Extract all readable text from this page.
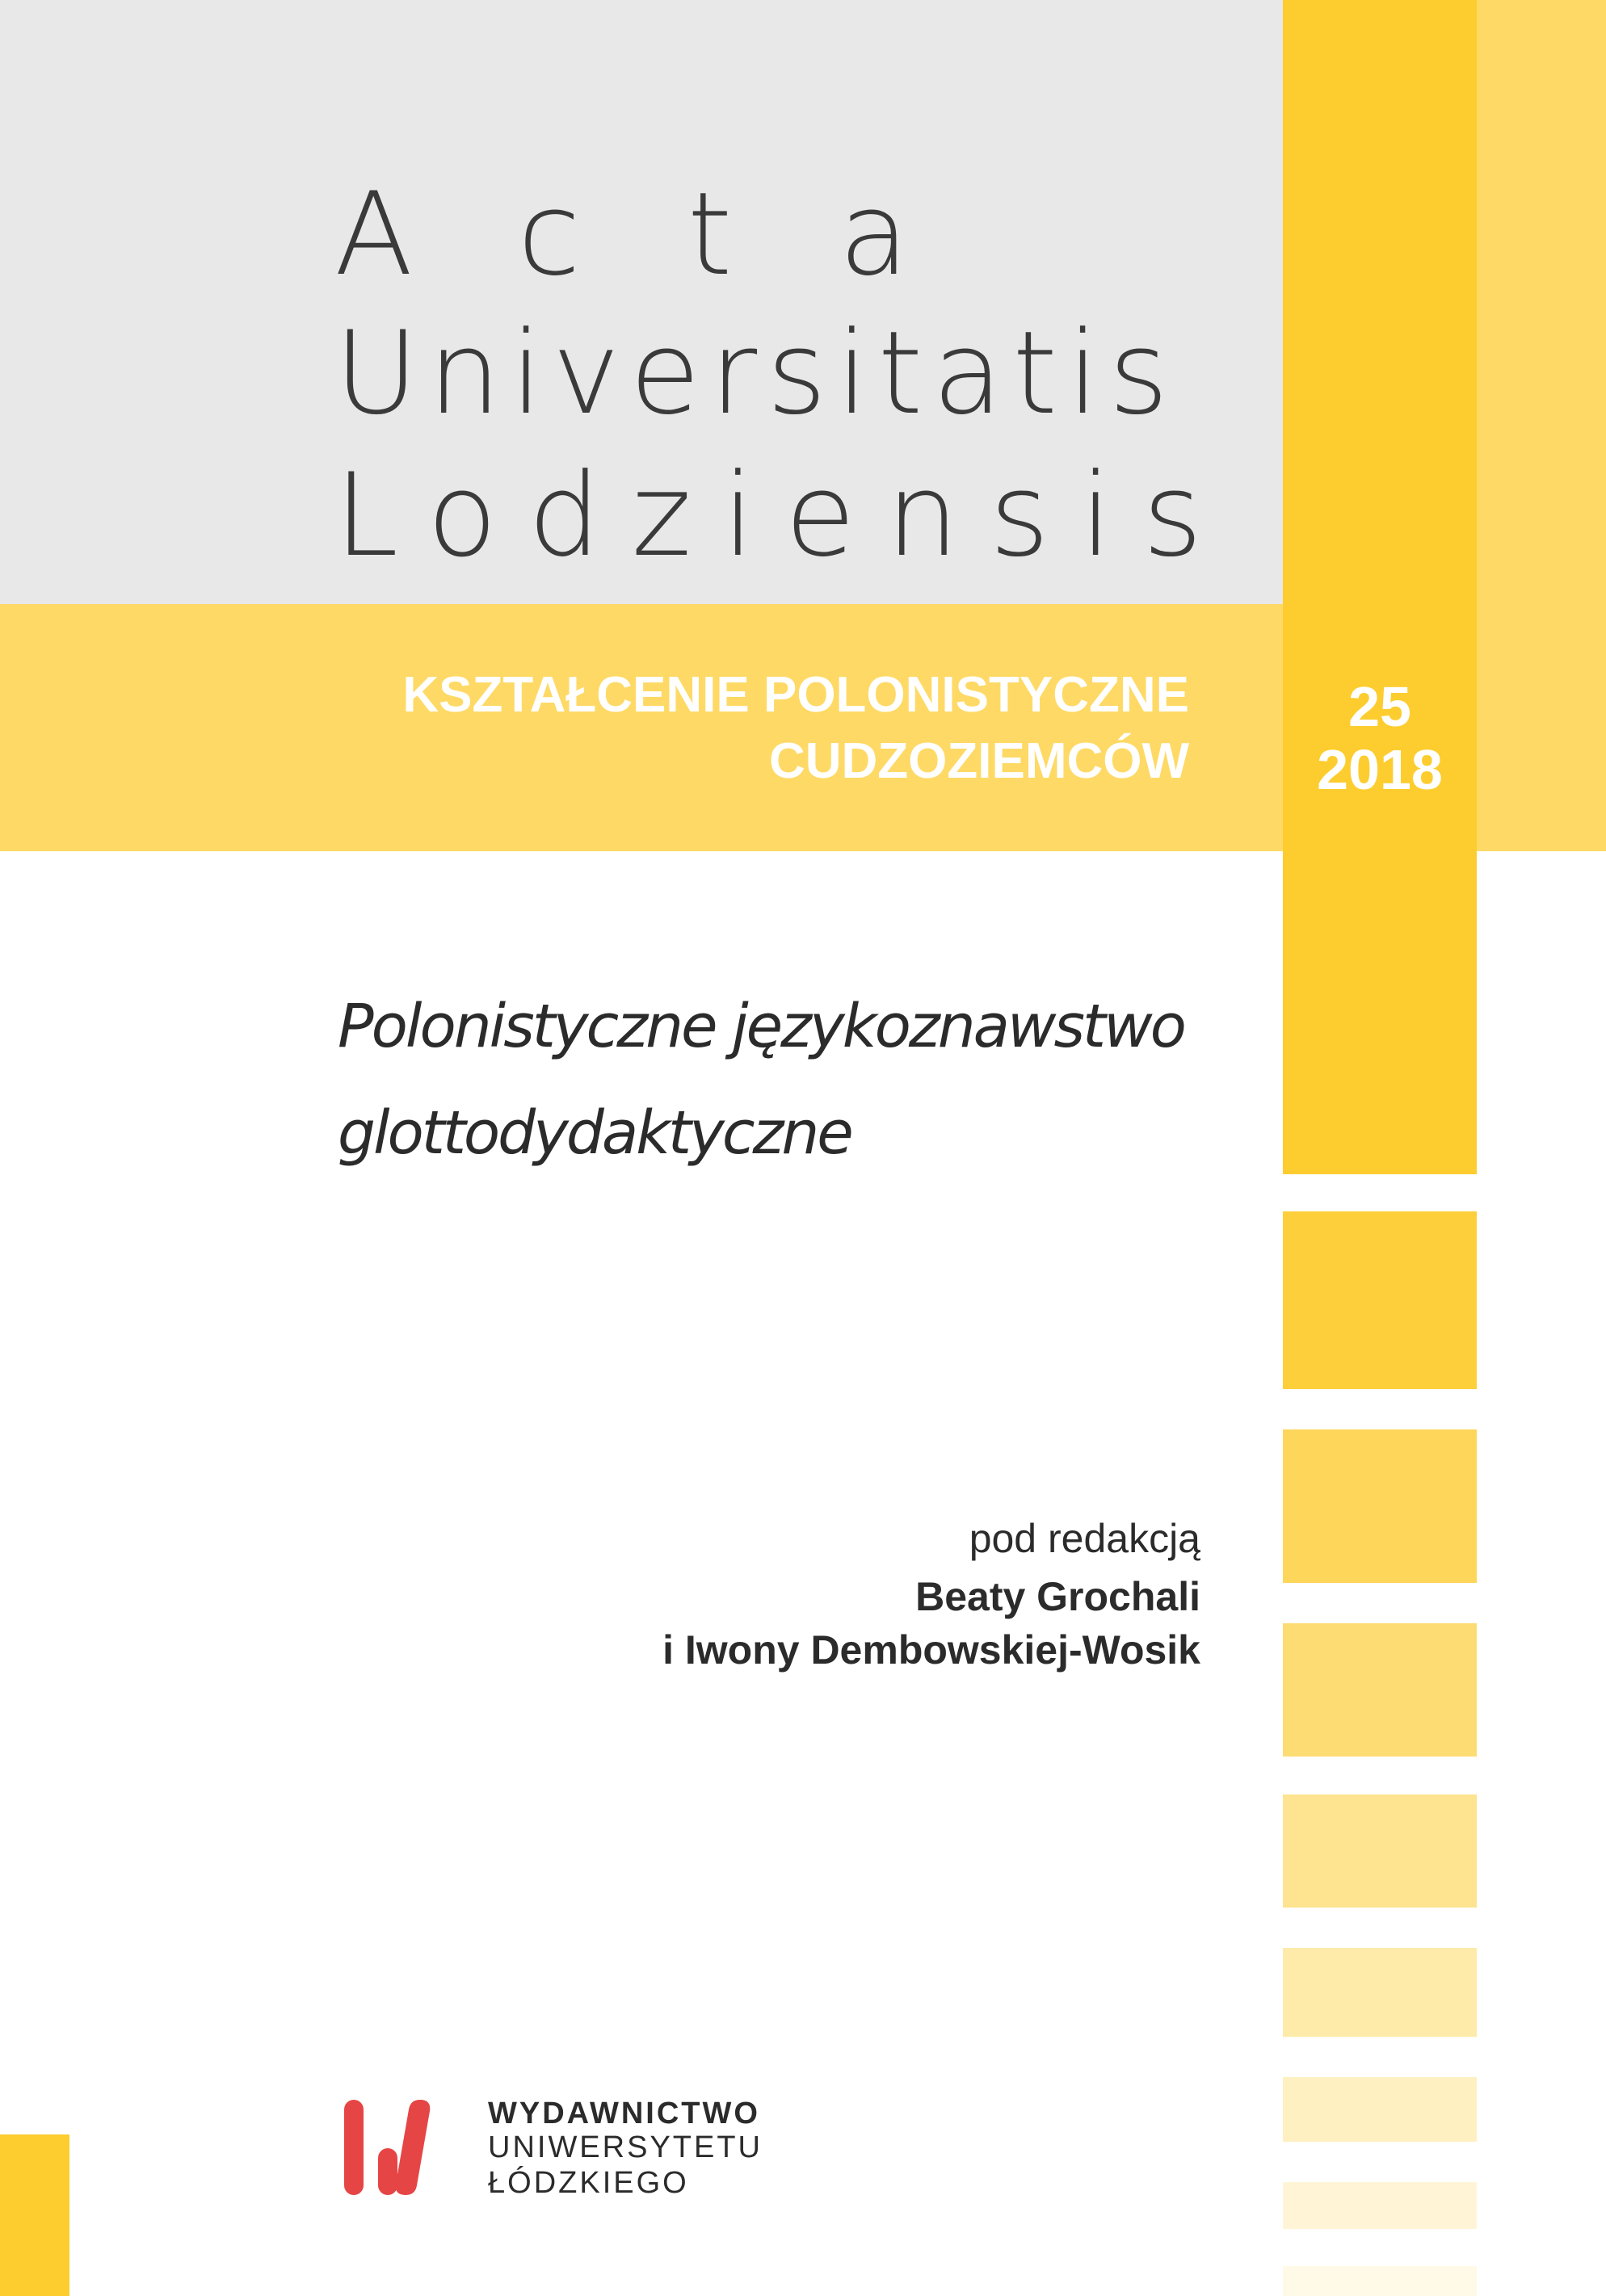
Acta
Universitatis
Lodziensis
KSZTAŁCENIE POLONISTYCZNE
CUDZOZIEMCÓW
25
2018
Polonistyczne językoznawstwo
glottodydaktyczne
pod redakcją
Beaty Grochali
i Iwony Dembowskiej-Wosik
WYDAWNICTWO
UNIWERSYTETU
ŁÓDZKIEGO
